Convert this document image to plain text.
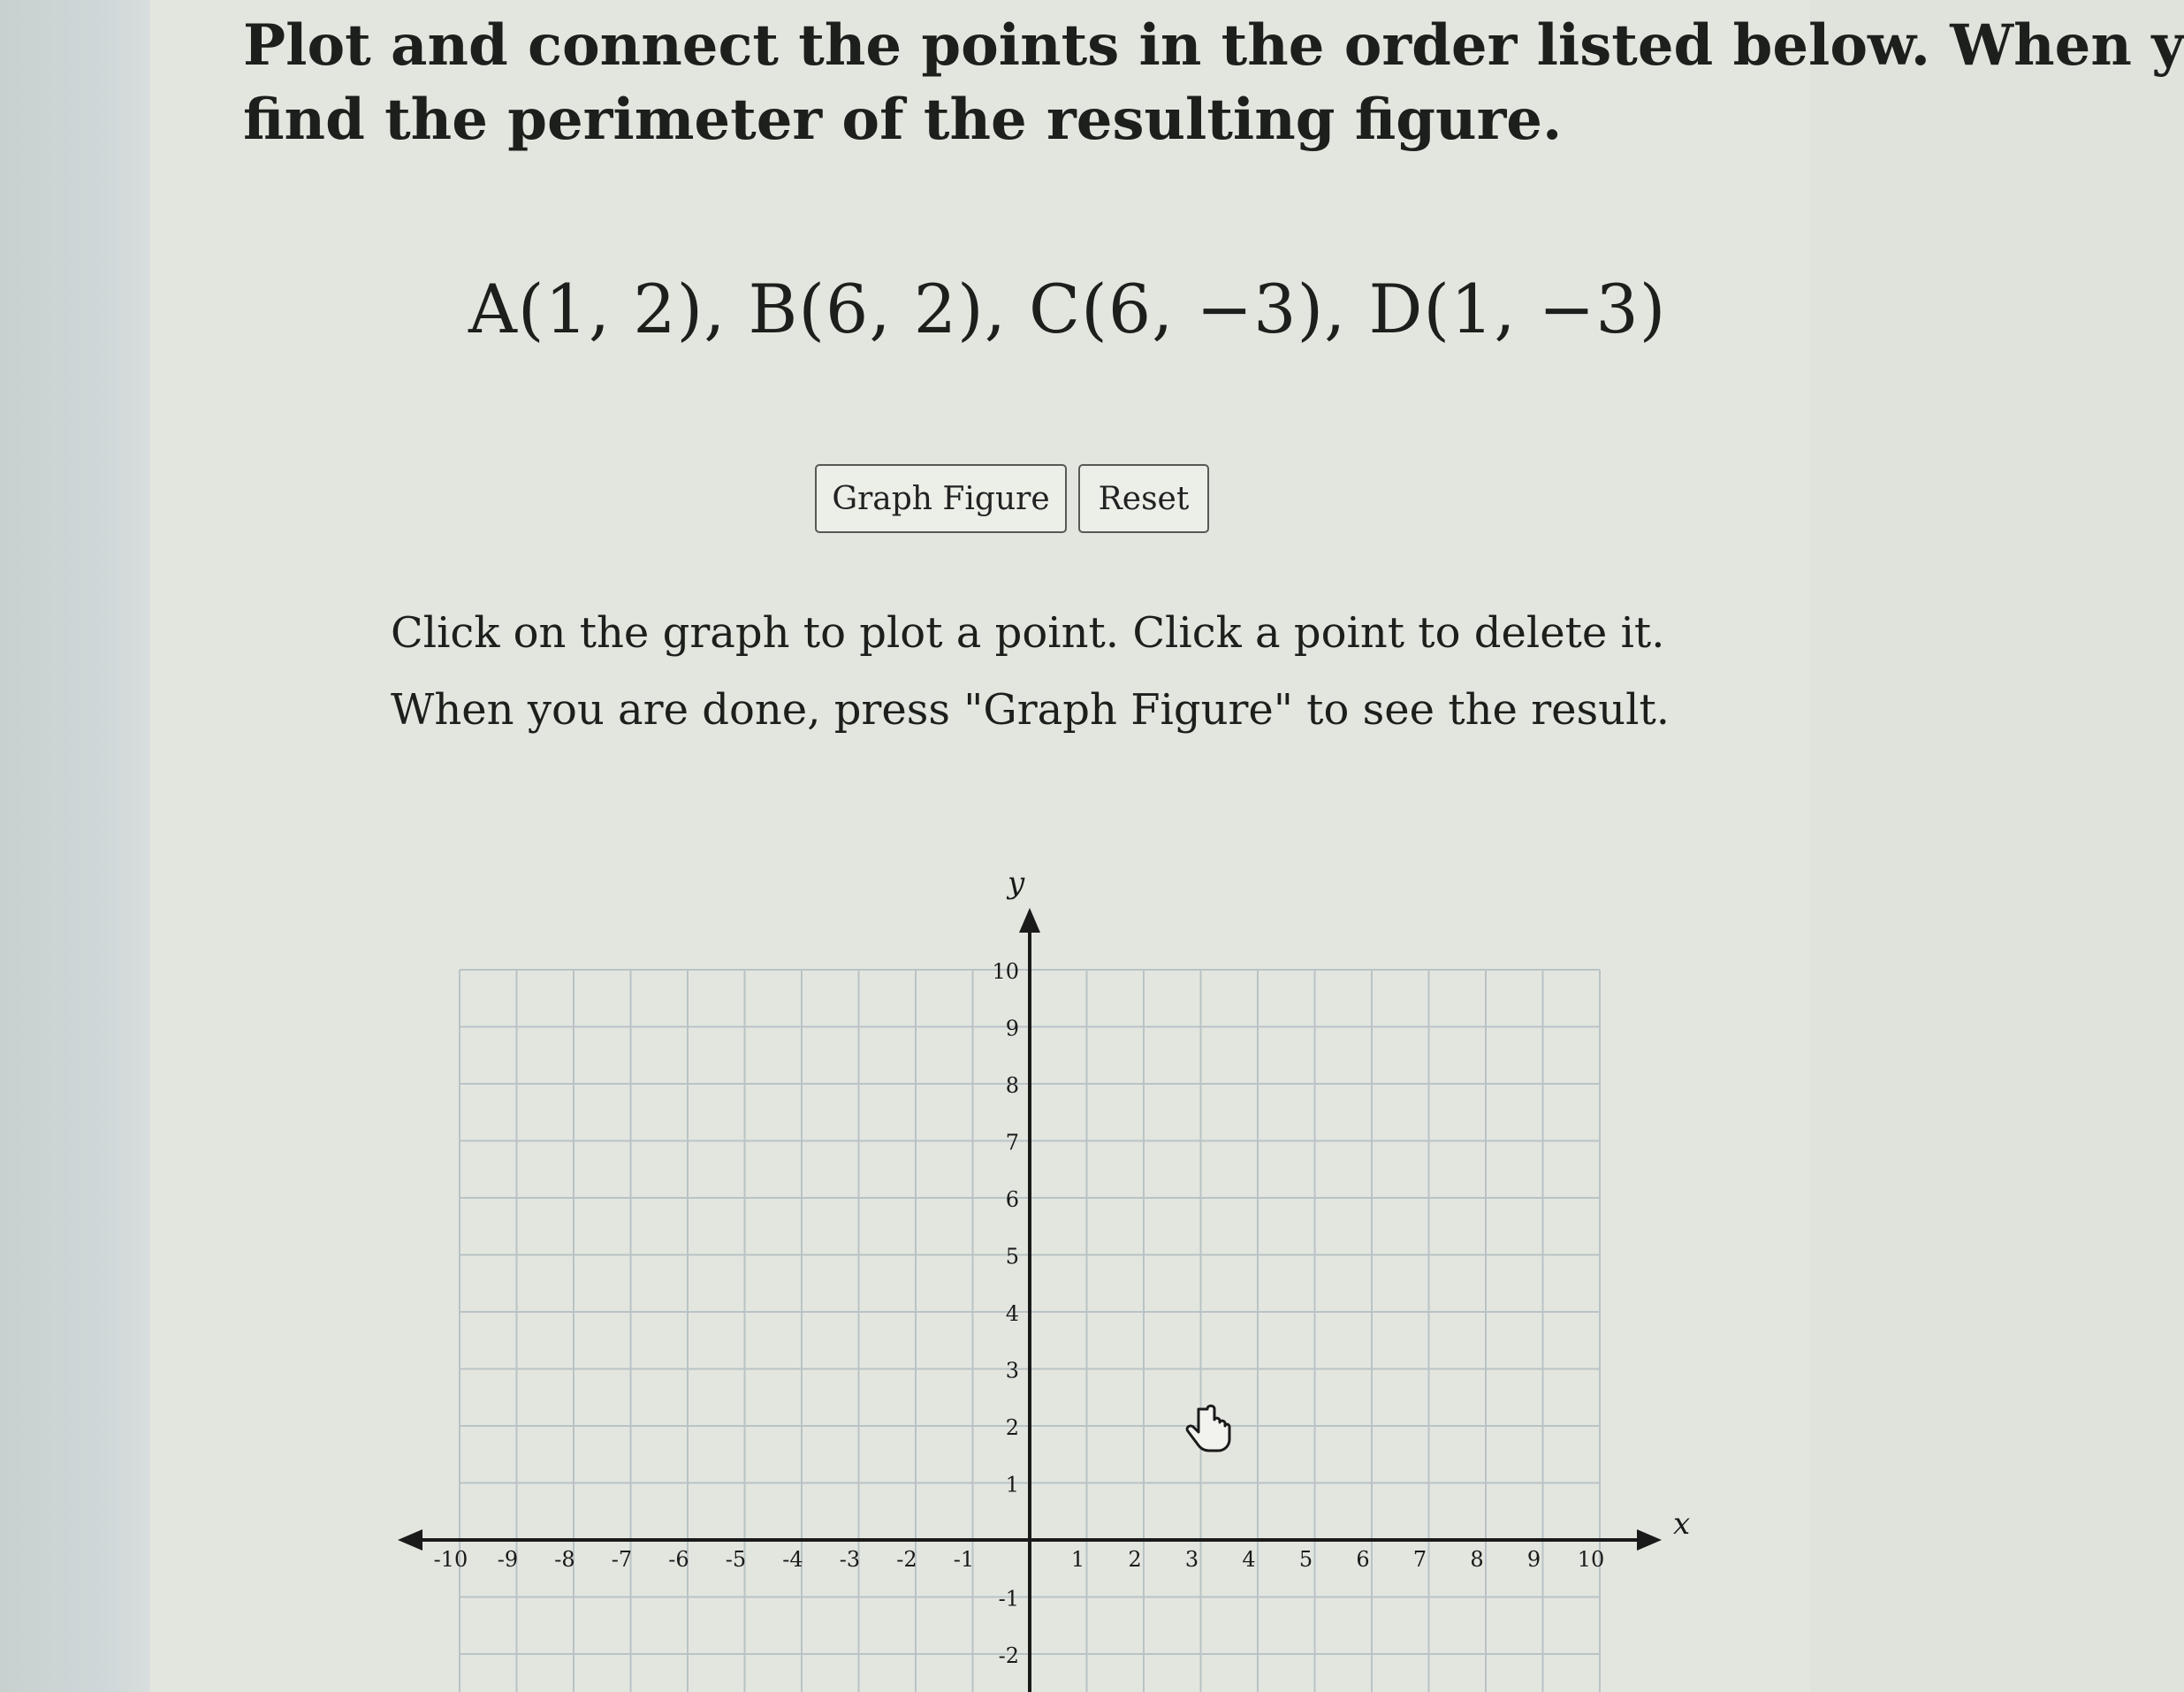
Plot and connect the points in the order listed below. When y
find the perimeter of the resulting figure.
A(1, 2), B(6, 2), C(6, −3), D(1, −3)
Graph Figure	Reset
Click on the graph to plot a point. Click a point to delete it.
When you are done, press "Graph Figure" to see the result.
-10 -9 -8 -7 -6 -5 -4 -3 -2 -1	1 2 3 4 5 6 7 8 9 10
10
9
8
7
6
5
4
3
2
1
-1
-2
x
y
